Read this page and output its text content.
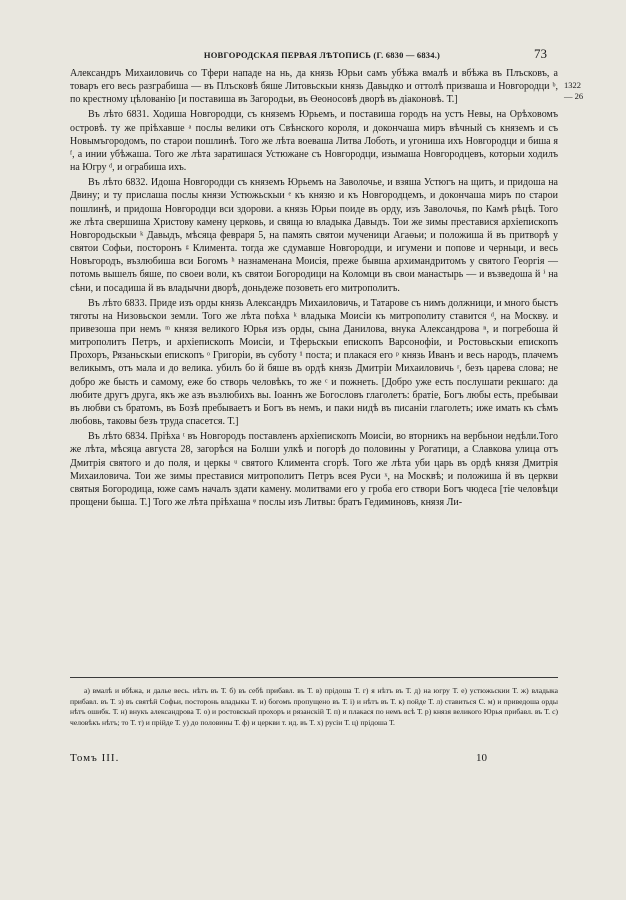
НОВГОРОДСКАЯ ПЕРВАЯ ЛѢТОПИСЬ (Г. 6830 — 6834.)	73
1322
— 26

Александръ Михаиловичь со Тфери нападе на нь, да князь Юрьи самъ убѣжа вмалѣ и вбѣжа въ Плъсковъ, а товаръ его весь разграбиша — въ Плъсковѣ бяше Литовьскыи князь Давыдко и оттолѣ призваша и Новгородци ᵇ, по крестному цѣлованію [и поставиша въ Загородьи, въ Өеоносовѣ дворѣ въ діаконовѣ. Т.]

Въ лѣто 6831. Ходиша Новгородци, съ княземъ Юрьемъ, и поставиша городъ на устъ Невы, на Орѣховомъ островѣ. ту же пріѣхавше ᵃ послы велики отъ Свѣнского короля, и докончаша миръ вѣчный съ княземъ и съ Новымъгородомъ, по старои пошлинѣ. Того же лѣта воеваша Литва Лоботь, и угониша ихъ Новгородци и биша я ᶠ, а инии убѣжаша. Того же лѣта заратишася Устюжане съ Новгородци, изымаша Новгородцевъ, которыи ходилъ на Югру ᵈ, и ограбиша ихъ.

Въ лѣто 6832. Идоша Новгородци съ княземъ Юрьемъ на Заволочье, и взяша Устюгъ на щитъ, и придоша на Двину; и ту прислаша послы князи Устюжьскыи ᵉ къ князю и къ Новгородцемъ, и докончаша миръ по старои пошлинѣ, и придоша Новгородци вси здорови. а князь Юрьи поиде въ орду, изъ Заволочья, по Камѣ рѣцѣ. Того же лѣта свершиша Христову камену церковь, и свяща ю владыка Давыдъ. Тои же зимы преставися архіепископъ Новгородьскыи ᵏ Давыдъ, мѣсяца февраря 5, на память святои мученици Агаөьи; и положиша й въ притворѣ у святои Софьи, посторонъ ᵍ Климента. тогда же сдумавше Новгородци, и игумени и попове и черньци, и весь Новъгородъ, възлюбиша вси Богомъ ʰ назнаменана Моисія, преже бывша архимандритомъ у святого Георгія — потомь вышелъ бяше, по своеи воли, къ святои Богородици на Коломци въ свои манастырь — и възведоша й ⁱ на сѣни, и посадиша й въ владычни дворѣ, доньдеже позоветь его митрополитъ.

Въ лѣто 6833. Приде изъ орды князь Александръ Михаиловичь, и Татарове съ нимъ должници, и много быстъ тяготы на Низовьскои земли. Того же лѣта поѣха ᵏ владыка Моисіи къ митрополиту ставится ᵈ, на Москву. и привезоша при немъ ᵐ князя великого Юрья изъ орды, сына Даниловa, внука Александрова ⁿ, и погребоша й митрополитъ Петръ, и архіепископъ Моисіи, и Тферьскыи епископъ Варсонофіи, и Ростовьскыи епископъ Прохоръ, Рязаньскыи епископъ ᵒ Григоріи, въ суботу ¹ поста; и плакася его ᵖ князь Иванъ и весь народъ, плачемъ великымъ, отъ мала и до велика. убилъ бо й бяше въ ордѣ князь Дмитріи Михаиловичь ʳ, безъ царева слова; не добро же бысть и самому, еже бо створь человѣкъ, то же ᶜ и пожнеть. [Добро уже есть послушати рекшаго: да любите другъ друга, якъ же азъ възлюбихъ вы. Іоаннъ же Богословъ глаголетъ: братіе, Богъ любы есть, пребываи въ любви съ братомъ, въ Бозѣ пребываетъ и Богъ въ немъ, и паки нидѣ въ писаніи глаголеть; иже имать къ сѣмъ любовь, таковы безъ труда спасется. Т.]

Въ лѣто 6834. Пріѣха ᵗ въ Новгородъ поставленъ архіепископъ Моисіи, во вторникъ на вербьнои недѣли.Того же лѣта, мѣсяца августа 28, загорѣся на Болши улкѣ и погорѣ до половины у Рогатици, а Славкова улица отъ Дмитрія святого и до поля, и церкы ᵘ святого Климента сгорѣ. Того же лѣта уби царь въ ордѣ князя Дмитрія Михаиловича. Тои же зимы преставися митрополитъ Петръ всея Руси ˣ, на Москвѣ; и положиша й въ церкви святыя Богородица, юже самъ началъ здати камену. молитвами его у гроба его створи Богъ чюдеса [тіе человѣци прощени быша. Т.] Того же лѣта пріѣхаша ᵠ послы изъ Литвы: братъ Гедиминовъ, князя Ли-

а) вмалѣ и вбѣжа, и далье весь. нѣтъ въ Т. б) въ себѣ прибавл. въ Т. в) прідоша Т. г) я нѣтъ въ Т. д) на югру Т. е) устюжьскии Т. ж) владыка прибавл. въ Т. з) въ святѣй Софьи, посторонь владыкы Т. и) богомъ пропущено въ Т. і) и нѣтъ въ Т. к) пойде Т. л) ставиться С. м) и приведоша орды нѣтъ ошибк. Т. н) внукъ александрова Т. о) и ростовскый прохоръ и рязанскій Т. п) и плакася по немъ всѣ Т. р) князя великого Юрья прибавл. въ Т. с) человѣкъ нѣтъ; то Т. т) и прійде Т. у) до половины Т. ф) и церкви т. ид. въ Т. х) русіи Т. ц) прідоша Т.

Томъ III.	10
